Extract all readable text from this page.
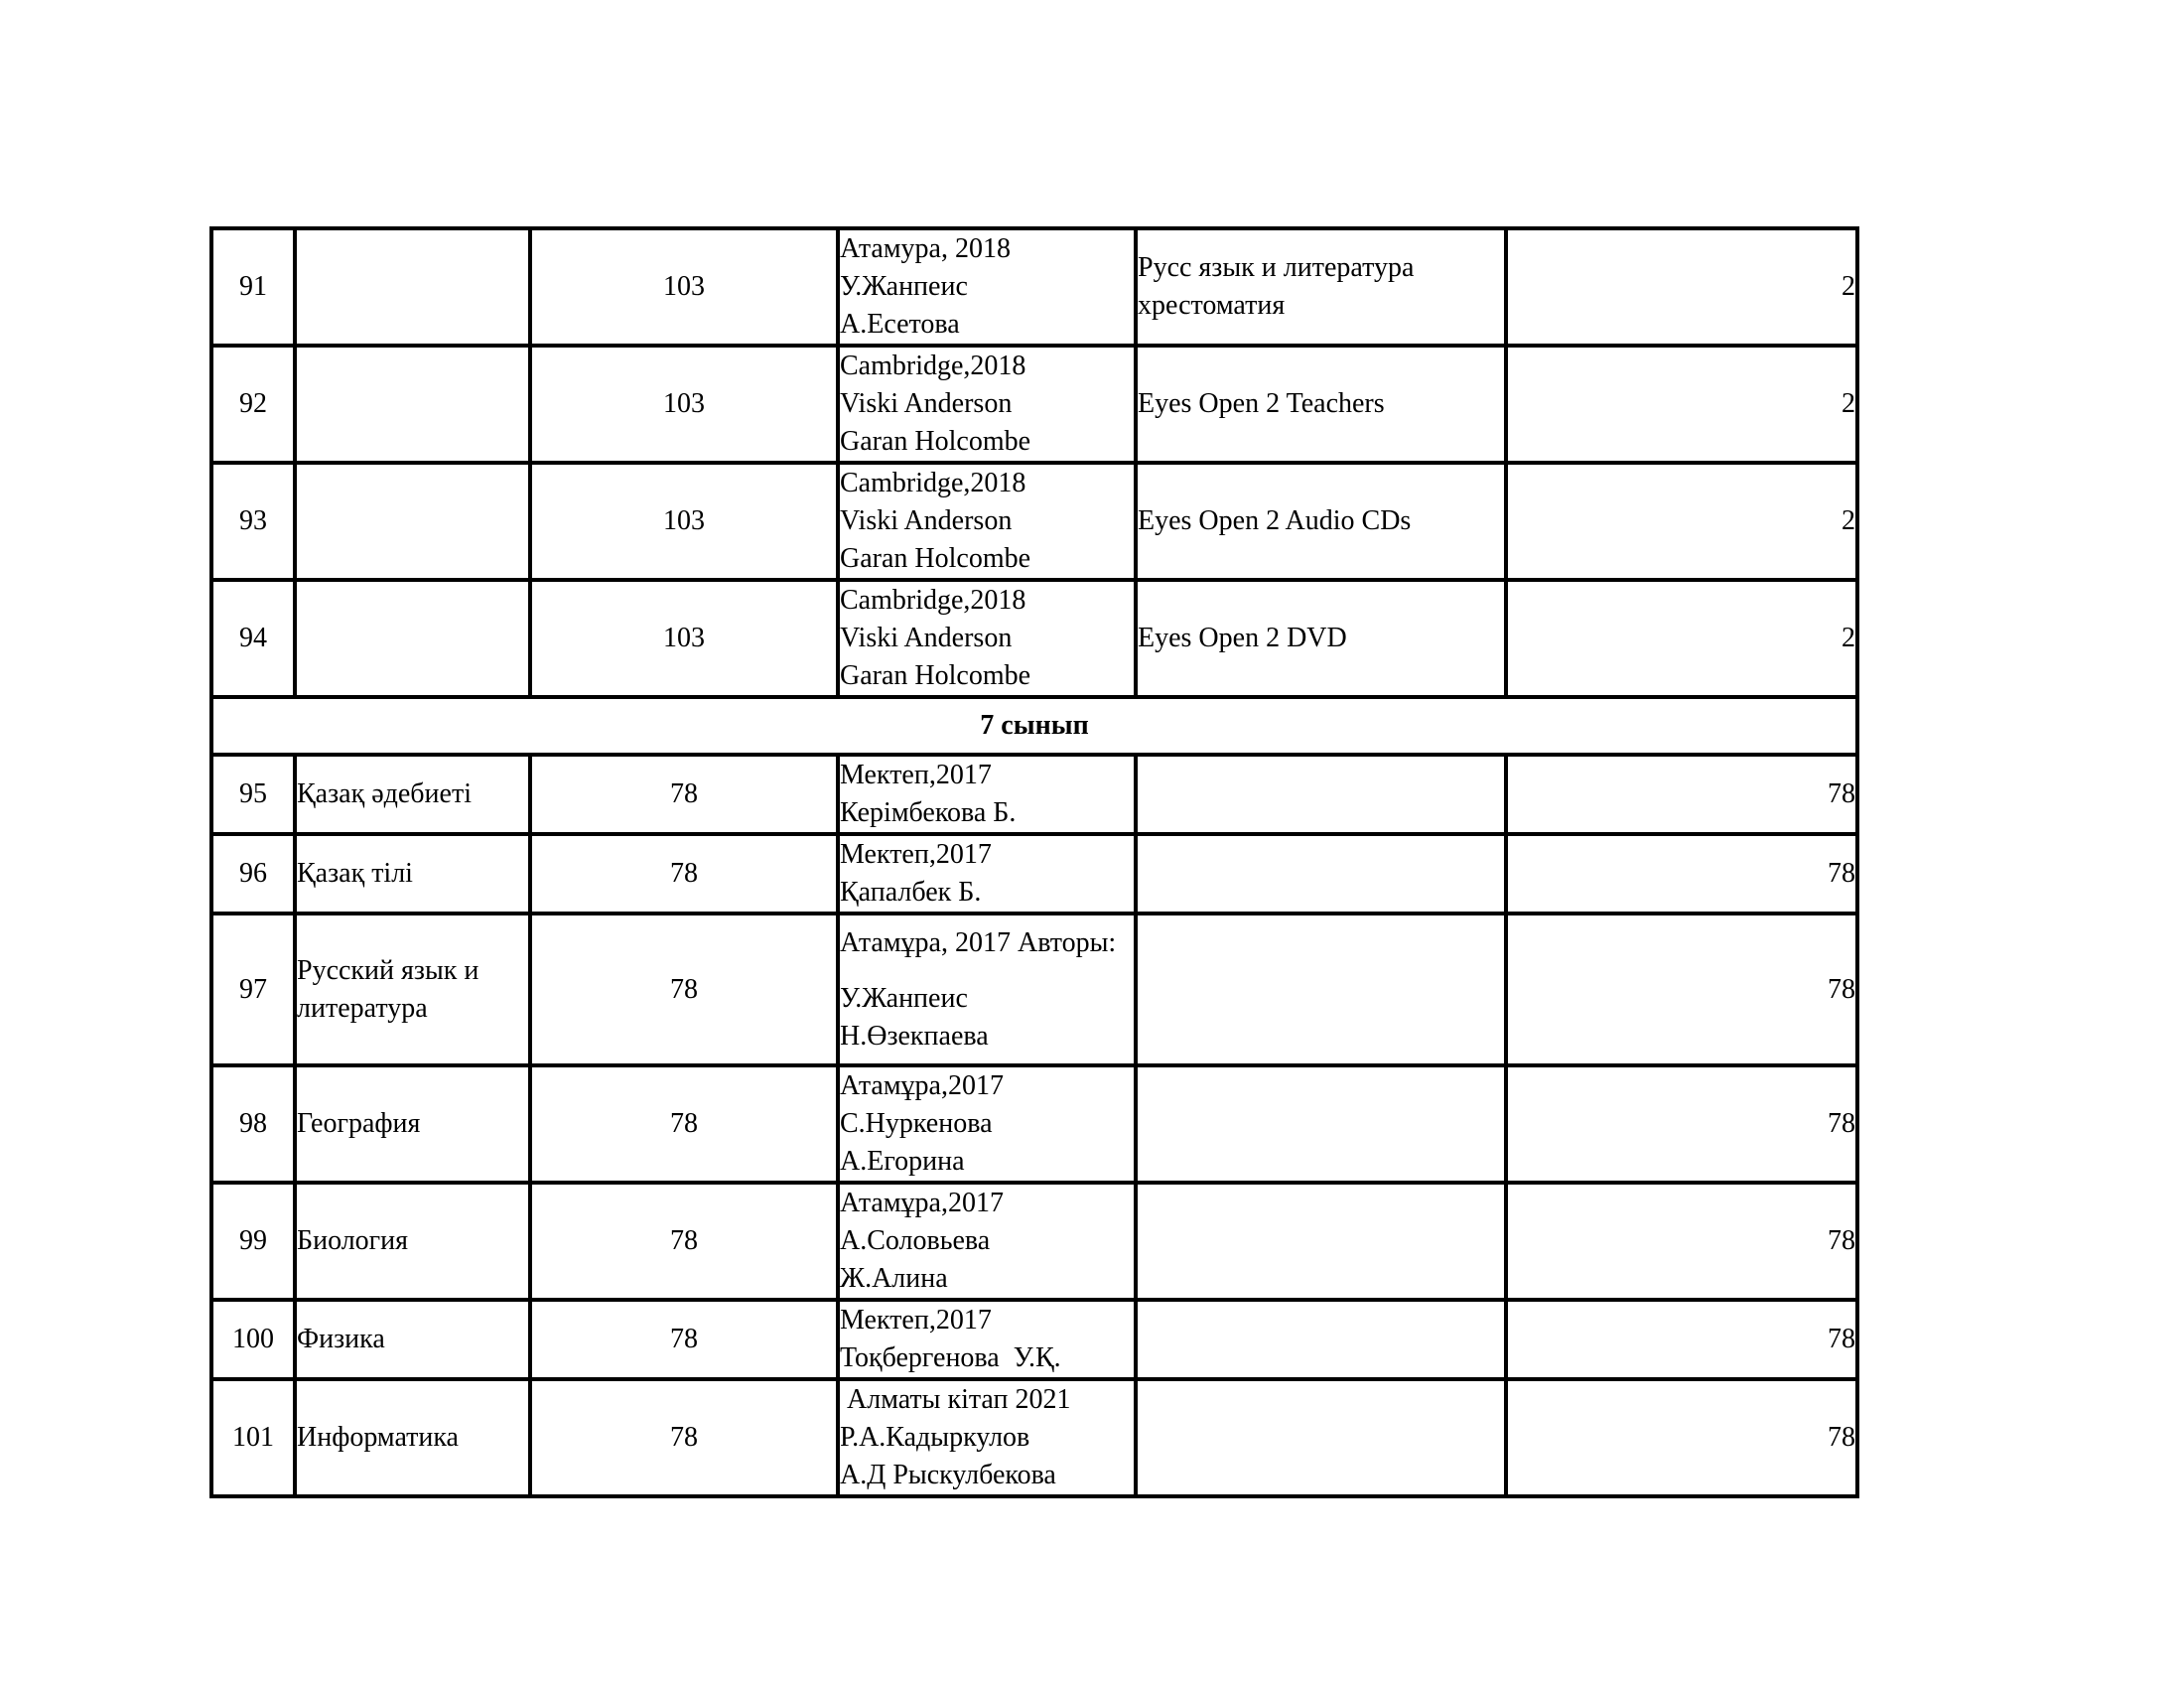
91		103	Атамура, 2018
У.Жанпеис
А.Есетова	Русс язык и литература
хрестоматия	2
92		103	Cambridge,2018
Viski Anderson
Garan Holcombe	Eyes Open 2 Teachers	2
93		103	Cambridge,2018
Viski Anderson
Garan Holcombe	Eyes Open 2 Audio CDs	2
94		103	Cambridge,2018
Viski Anderson
Garan Holcombe	Eyes Open 2 DVD	2
7 сынып					
95	Қазақ әдебиеті	78	Мектеп,2017
Керімбекова Б.		78
96	Қазақ тілі	78	Мектеп,2017
Қапалбек Б.		78
97	Русский язык и литература	78	Атамұра, 2017 Авторы:
У.Жанпеис
Н.Өзекпаева		78
98	География	78	Атамұра,2017
С.Нуркенова
А.Егорина		78
99	Биология	78	Атамұра,2017
А.Соловьева
Ж.Алина		78
100	Физика	78	Мектеп,2017
Тоқбергенова  У.Қ.		78
101	Информатика	78	Алматы кітап 2021
Р.А.Кадыркулов
А.Д Рыскулбекова		78
